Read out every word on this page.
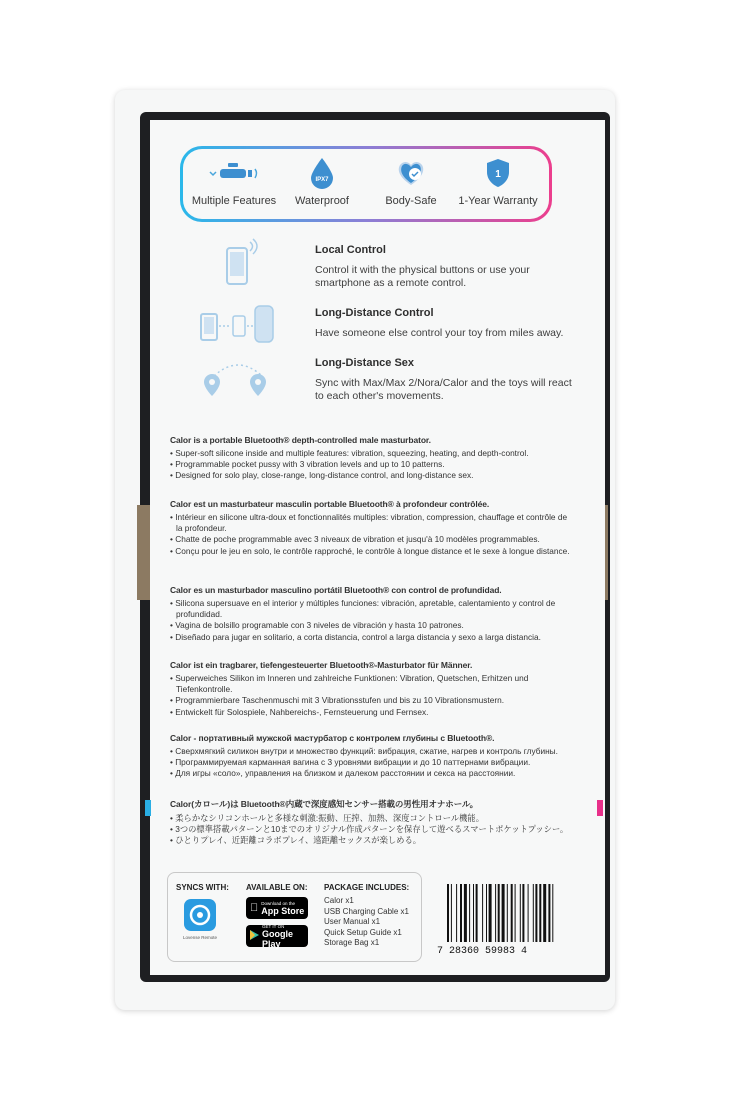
Multiple Features
IPX7
Waterproof	Body-Safe
1
1-Year Warranty
Local Control
Control it with the physical buttons or use your smartphone as a remote control.
Long-Distance Control
Have someone else control your toy from miles away.
Long-Distance Sex
Sync with Max/Max 2/Nora/Calor and the toys will react to each other's movements.
Calor is a portable Bluetooth® depth-controlled male masturbator.
• Super-soft silicone inside and multiple features: vibration, squeezing, heating, and depth-control.
• Programmable pocket pussy with 3 vibration levels and up to 10 patterns.
• Designed for solo play, close-range, long-distance control, and long-distance sex.
Calor est un masturbateur masculin portable Bluetooth® à profondeur contrôlée.
• Intérieur en silicone ultra-doux et fonctionnalités multiples: vibration, compression, chauffage et contrôle de la profondeur.
• Chatte de poche programmable avec 3 niveaux de vibration et jusqu'à 10 modèles programmables.
• Conçu pour le jeu en solo, le contrôle rapproché, le contrôle à longue distance et le sexe à longue distance.
Calor es un masturbador masculino portátil Bluetooth® con control de profundidad.
• Silicona supersuave en el interior y múltiples funciones: vibración, apretable, calentamiento y control de profundidad.
• Vagina de bolsillo programable con 3 niveles de vibración y hasta 10 patrones.
• Diseñado para jugar en solitario, a corta distancia, control a larga distancia y sexo a larga distancia.
Calor ist ein tragbarer, tiefengesteuerter Bluetooth®-Masturbator für Männer.
• Superweiches Silikon im Inneren und zahlreiche Funktionen: Vibration, Quetschen, Erhitzen und Tiefenkontrolle.
• Programmierbare Taschenmuschi mit 3 Vibrationsstufen und bis zu 10 Vibrationsmustern.
• Entwickelt für Solospiele, Nahbereichs-, Fernsteuerung und Fernsex.
Calor - портативный мужской мастурбатор с контролем глубины с Bluetooth®.
• Сверхмягкий силикон внутри и множество функций: вибрация, сжатие, нагрев и контроль глубины.
• Программируемая карманная вагина с 3 уровнями вибрации и до 10 паттернами вибрации.
• Для игры «соло», управления на близком и далеком расстоянии и секса на расстоянии.
Calor(カロール)は Bluetooth®内蔵で深度感知センサー搭載の男性用オナホール。
• 柔らかなシリコンホールと多様な刺激:振動、圧搾、加熱、深度コントロール機能。
• 3つの標準搭載パターンと10までのオリジナル作成パターンを保存して遊べるスマートポケットプッシー。
• ひとりプレイ、近距離コラボプレイ、遠距離セックスが楽しめる。
SYNCS WITH:
Lovense Remote
AVAILABLE ON:
Download on the
App Store
GET IT ON
Google Play
PACKAGE INCLUDES:
Calor x1
USB Charging Cable x1
User Manual x1
Quick Setup Guide x1
Storage Bag x1
7 28360 59983 4
